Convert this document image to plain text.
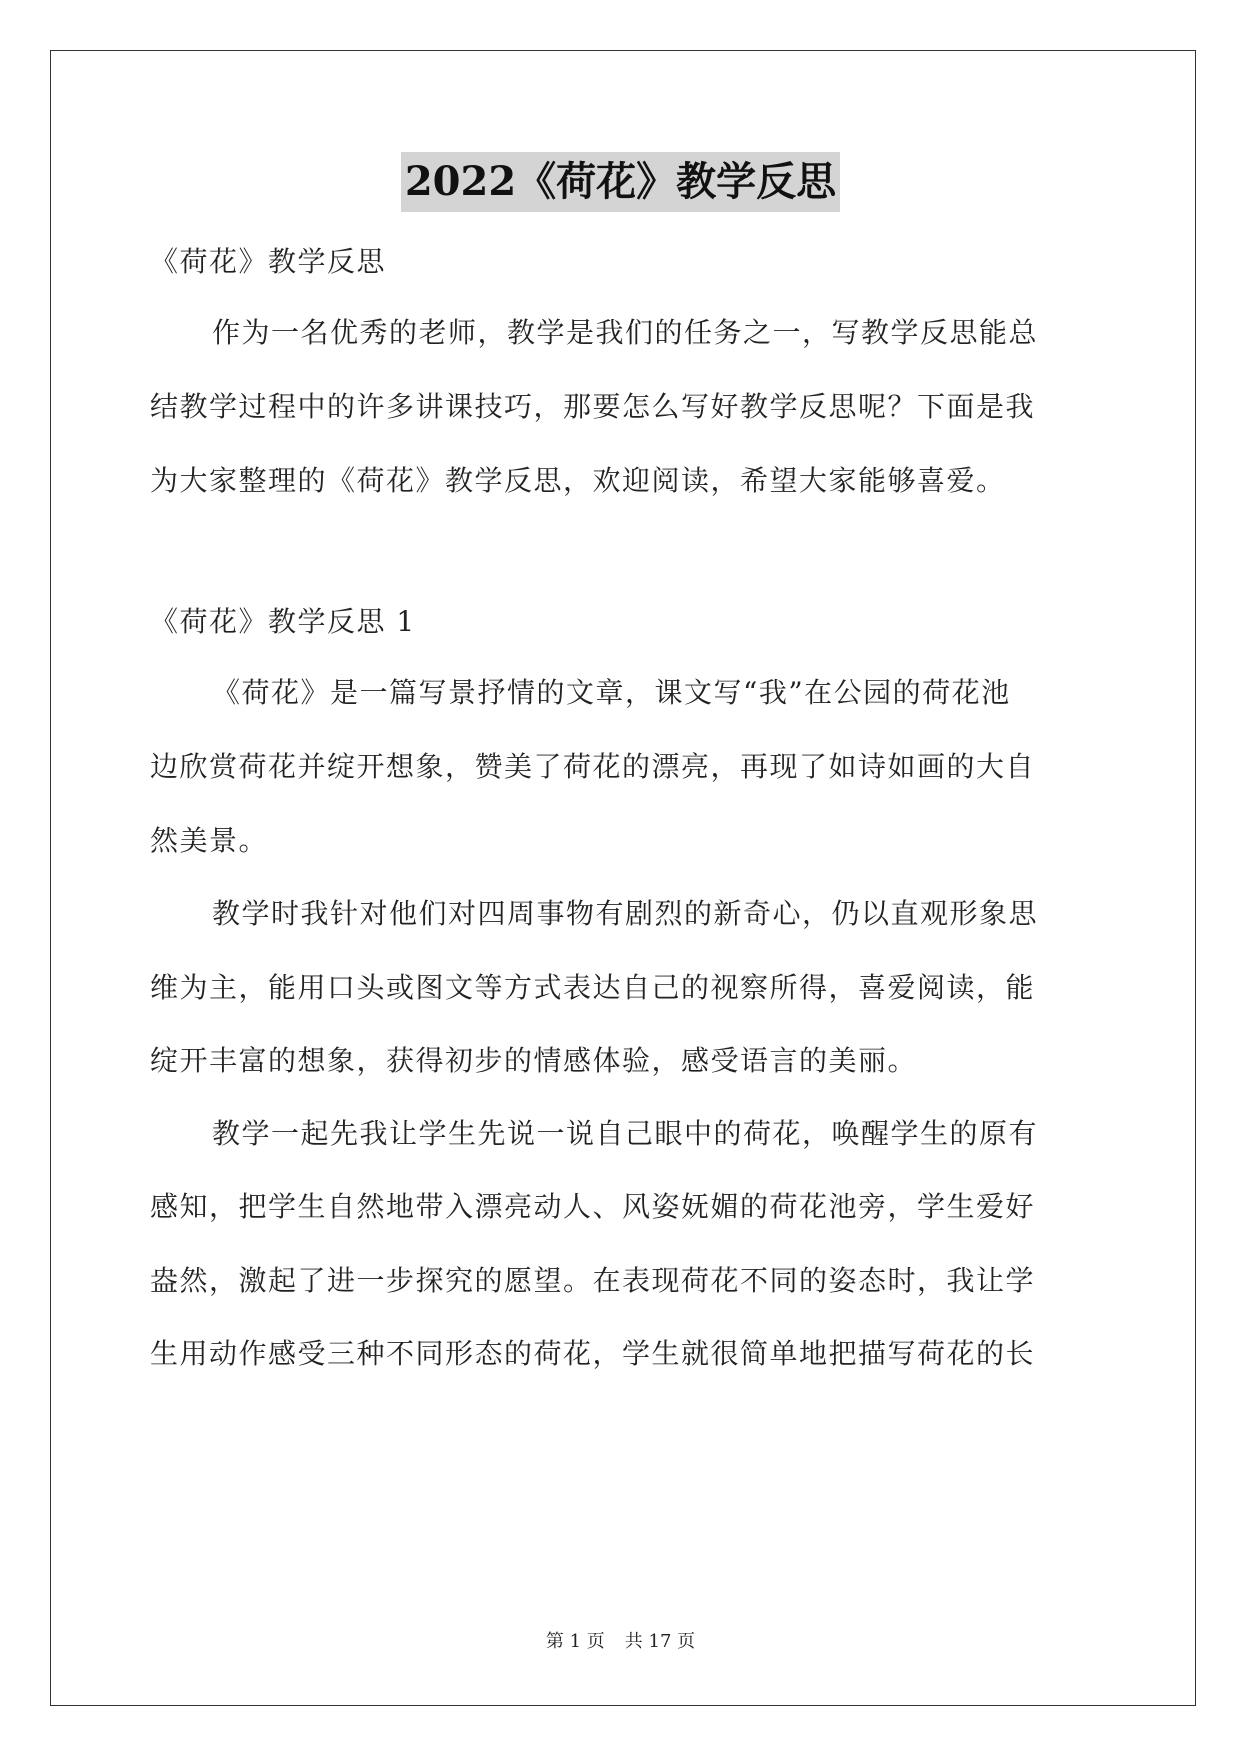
2022《荷花》教学反思
《荷花》教学反思
作为一名优秀的老师，教学是我们的任务之一，写教学反思能总
结教学过程中的许多讲课技巧，那要怎么写好教学反思呢？下面是我
为大家整理的《荷花》教学反思，欢迎阅读，希望大家能够喜爱。
《荷花》教学反思 1
《荷花》是一篇写景抒情的文章，课文写“我”在公园的荷花池
边欣赏荷花并绽开想象，赞美了荷花的漂亮，再现了如诗如画的大自
然美景。
教学时我针对他们对四周事物有剧烈的新奇心，仍以直观形象思
维为主，能用口头或图文等方式表达自己的视察所得，喜爱阅读，能
绽开丰富的想象，获得初步的情感体验，感受语言的美丽。
教学一起先我让学生先说一说自己眼中的荷花，唤醒学生的原有
感知，把学生自然地带入漂亮动人、风姿妩媚的荷花池旁，学生爱好
盎然，激起了进一步探究的愿望。在表现荷花不同的姿态时，我让学
生用动作感受三种不同形态的荷花，学生就很简单地把描写荷花的长
第 1 页 共 17 页
